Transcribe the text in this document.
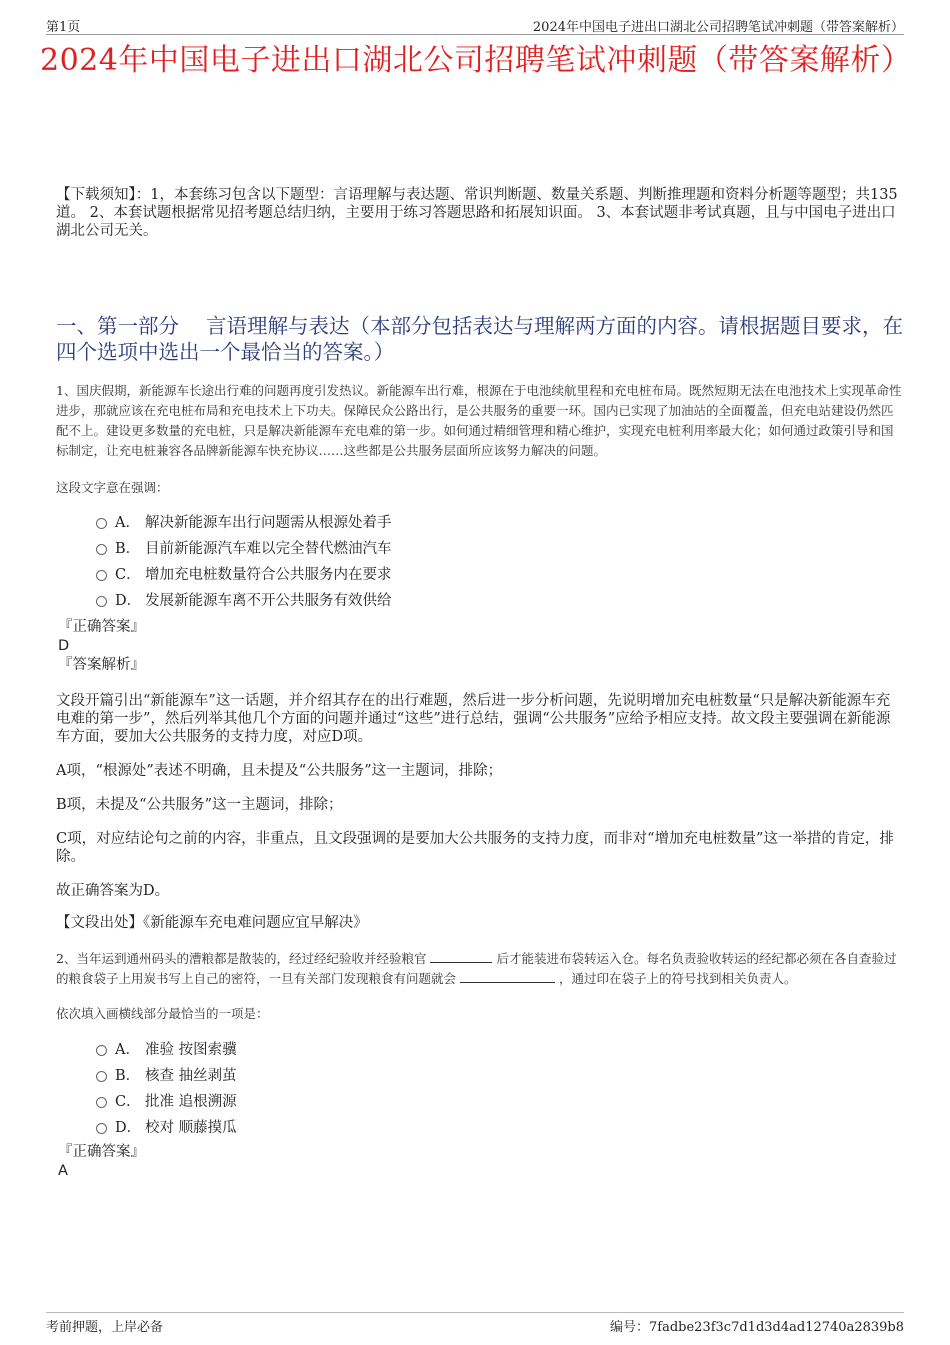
第1页	2024年中国电子进出口湖北公司招聘笔试冲刺题（带答案解析）
2024年中国电子进出口湖北公司招聘笔试冲刺题（带答案解析）
【下载须知】：1，本套练习包含以下题型：言语理解与表达题、常识判断题、数量关系题、判断推理题和资料分析题等题型；共135道。 2、本套试题根据常见招考题总结归纳，主要用于练习答题思路和拓展知识面。 3、本套试题非考试真题，且与中国电子进出口湖北公司无关。
一、第一部分　 言语理解与表达（本部分包括表达与理解两方面的内容。请根据题目要求，在四个选项中选出一个最恰当的答案。）
1、国庆假期，新能源车长途出行难的问题再度引发热议。新能源车出行难，根源在于电池续航里程和充电桩布局。既然短期无法在电池技术上实现革命性进步，那就应该在充电桩布局和充电技术上下功夫。保障民众公路出行，是公共服务的重要一环。国内已实现了加油站的全面覆盖，但充电站建设仍然匹配不上。建设更多数量的充电桩，只是解决新能源车充电难的第一步。如何通过精细管理和精心维护，实现充电桩利用率最大化；如何通过政策引导和国标制定，让充电桩兼容各品牌新能源车快充协议……这些都是公共服务层面所应该努力解决的问题。
这段文字意在强调：
A． 解决新能源车出行问题需从根源处着手
B． 目前新能源汽车难以完全替代燃油汽车
C． 增加充电桩数量符合公共服务内在要求
D． 发展新能源车离不开公共服务有效供给
『正确答案』
D
『答案解析』
文段开篇引出“新能源车”这一话题，并介绍其存在的出行难题，然后进一步分析问题，先说明增加充电桩数量“只是解决新能源车充电难的第一步”，然后列举其他几个方面的问题并通过“这些”进行总结，强调“公共服务”应给予相应支持。故文段主要强调在新能源车方面，要加大公共服务的支持力度，对应D项。
A项，“根源处”表述不明确，且未提及“公共服务”这一主题词，排除；
B项，未提及“公共服务”这一主题词，排除；
C项，对应结论句之前的内容，非重点，且文段强调的是要加大公共服务的支持力度，而非对“增加充电桩数量”这一举措的肯定，排除。
故正确答案为D。
【文段出处】《新能源车充电难问题应宜早解决》
2、当年运到通州码头的漕粮都是散装的，经过经纪验收并经验粮官	后才能装进布袋转运入仓。每名负责验收转运的经纪都必须在各自查验过的粮食袋子上用炭书写上自己的密符，一旦有关部门发现粮食有问题就会	，通过印在袋子上的符号找到相关负责人。
依次填入画横线部分最恰当的一项是：
A． 准验 按图索骥
B． 核查 抽丝剥茧
C． 批准 追根溯源
D． 校对 顺藤摸瓜
『正确答案』
A
考前押题，上岸必备	编号：7fadbe23f3c7d1d3d4ad12740a2839b8
